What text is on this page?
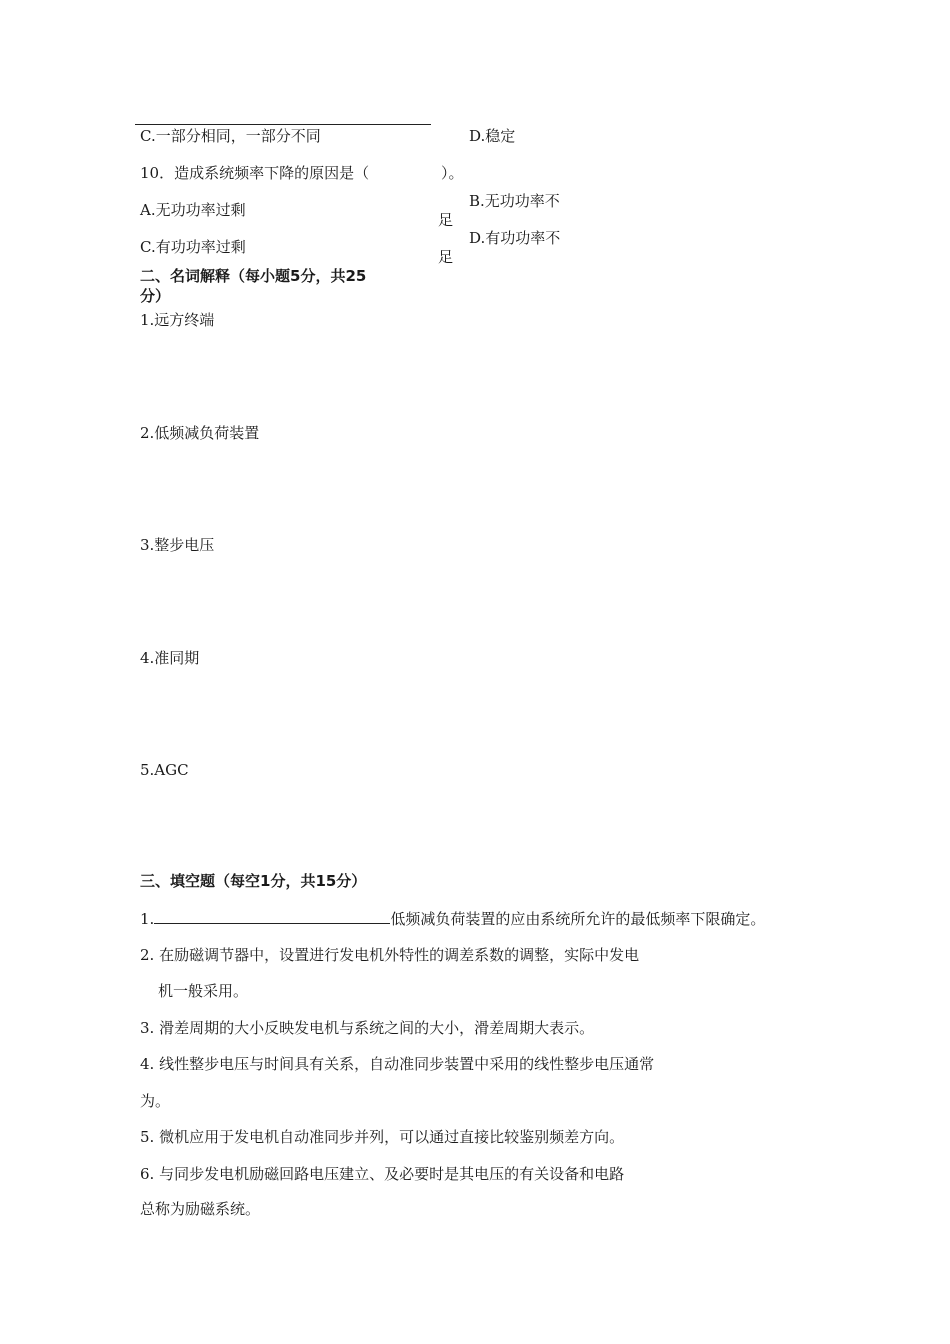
C.一部分相同，一部分不同	D.稳定
10．造成系统频率下降的原因是（	）。
B.无功功率不
A.无功功率过剩
足
D.有功功率不
C.有功功率过剩
足
二、名词解释（每小题5分，共25
分）
1.远方终端
2.低频减负荷装置
3.整步电压
4.准同期
5.AGC
三、填空题（每空1分，共15分）
1.	低频减负荷装置的应由系统所允许的最低频率下限确定。
2. 在励磁调节器中，设置进行发电机外特性的调差系数的调整，实际中发电
机一般采用。
3. 滑差周期的大小反映发电机与系统之间的大小，滑差周期大表示。
4. 线性整步电压与时间具有关系，自动准同步装置中采用的线性整步电压通常
为。
5. 微机应用于发电机自动准同步并列，可以通过直接比较鉴别频差方向。
6. 与同步发电机励磁回路电压建立、及必要时是其电压的有关设备和电路
总称为励磁系统。
